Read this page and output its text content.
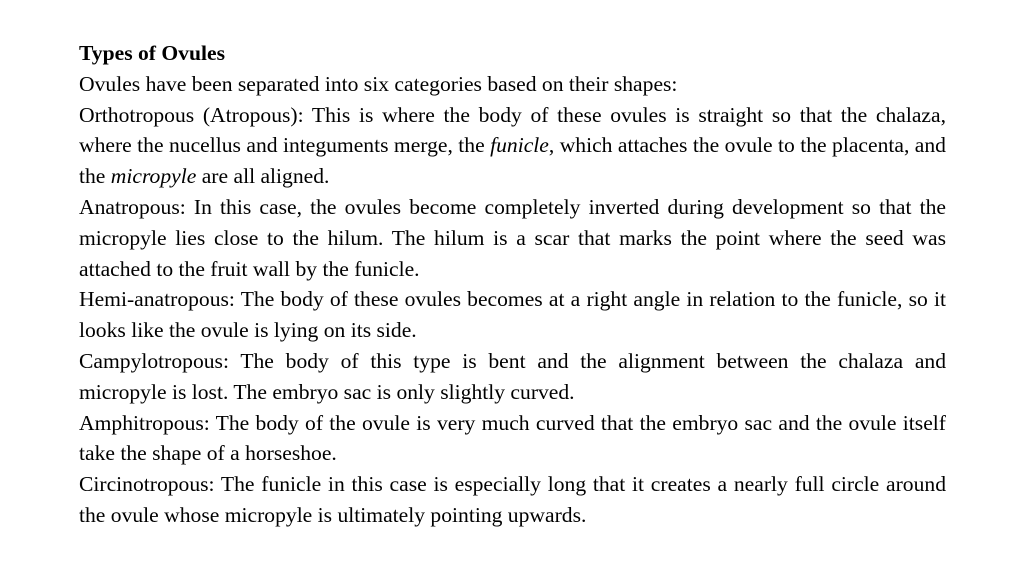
Types of Ovules

Ovules have been separated into six categories based on their shapes:

Orthotropous (Atropous): This is where the body of these ovules is straight so that the chalaza, where the nucellus and integuments merge, the funicle, which attaches the ovule to the placenta, and the micropyle are all aligned.

Anatropous: In this case, the ovules become completely inverted during development so that the micropyle lies close to the hilum. The hilum is a scar that marks the point where the seed was attached to the fruit wall by the funicle.

Hemi-anatropous: The body of these ovules becomes at a right angle in relation to the funicle, so it looks like the ovule is lying on its side.

Campylotropous: The body of this type is bent and the alignment between the chalaza and micropyle is lost. The embryo sac is only slightly curved.

Amphitropous: The body of the ovule is very much curved that the embryo sac and the ovule itself take the shape of a horseshoe.

Circinotropous: The funicle in this case is especially long that it creates a nearly full circle around the ovule whose micropyle is ultimately pointing upwards.
